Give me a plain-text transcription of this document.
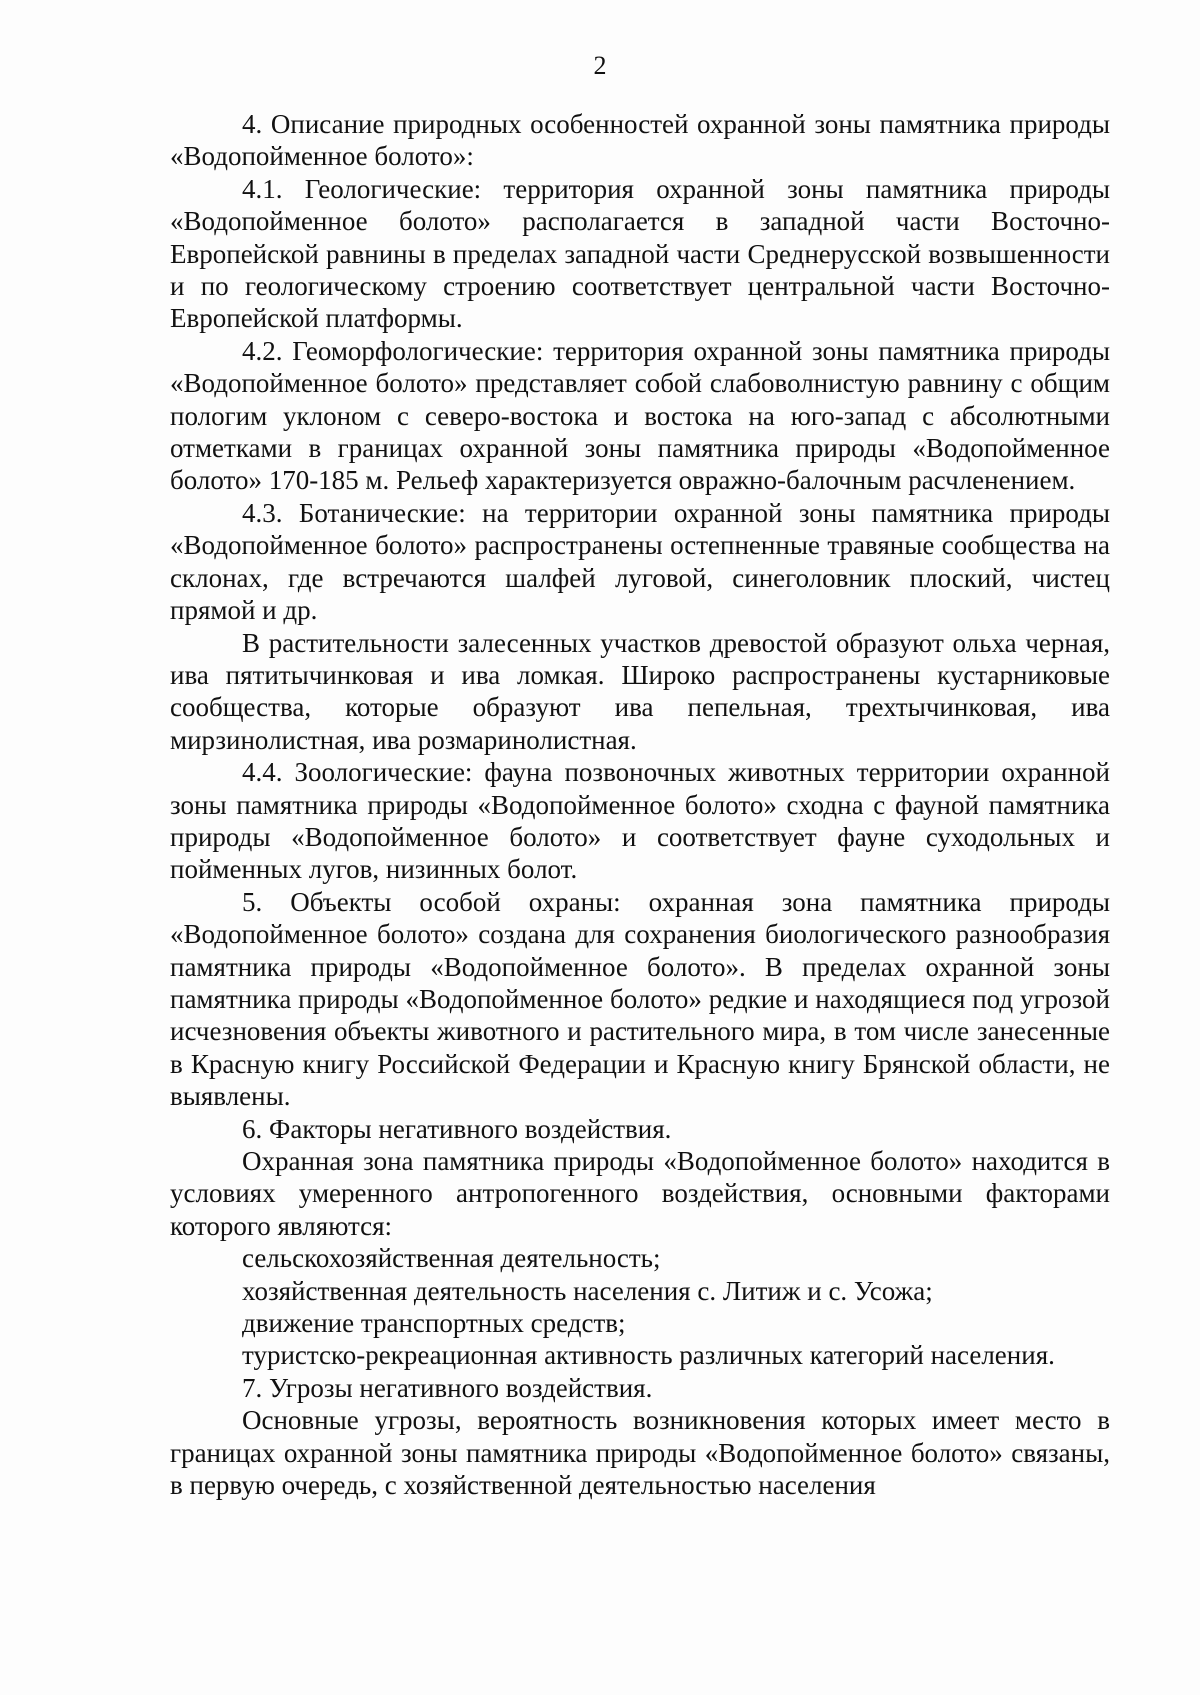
2

4. Описание природных особенностей охранной зоны памятника природы «Водопойменное болото»:

4.1. Геологические: территория охранной зоны памятника природы «Водопойменное болото» располагается в западной части Восточно-Европейской равнины в пределах западной части Среднерусской возвышенности и по геологическому строению соответствует центральной части Восточно-Европейской платформы.

4.2. Геоморфологические: территория охранной зоны памятника природы «Водопойменное болото» представляет собой слабоволнистую равнину с общим пологим уклоном с северо-востока и востока на юго-запад с абсолютными отметками в границах охранной зоны памятника природы «Водопойменное болото» 170-185 м. Рельеф характеризуется овражно-балочным расчленением.

4.3. Ботанические: на территории охранной зоны памятника природы «Водопойменное болото» распространены остепненные травяные сообщества на склонах, где встречаются шалфей луговой, синеголовник плоский, чистец прямой и др.

В растительности залесенных участков древостой образуют ольха черная, ива пятитычинковая и ива ломкая. Широко распространены кустарниковые сообщества, которые образуют ива пепельная, трехтычинковая, ива мирзинолистная, ива розмаринолистная.

4.4. Зоологические: фауна позвоночных животных территории охранной зоны памятника природы «Водопойменное болото» сходна с фауной памятника природы «Водопойменное болото» и соответствует фауне суходольных и пойменных лугов, низинных болот.

5. Объекты особой охраны: охранная зона памятника природы «Водопойменное болото» создана для сохранения биологического разнообразия памятника природы «Водопойменное болото». В пределах охранной зоны памятника природы «Водопойменное болото» редкие и находящиеся под угрозой исчезновения объекты животного и растительного мира, в том числе занесенные в Красную книгу Российской Федерации и Красную книгу Брянской области, не выявлены.

6. Факторы негативного воздействия.

Охранная зона памятника природы «Водопойменное болото» находится в условиях умеренного антропогенного воздействия, основными факторами которого являются:

сельскохозяйственная деятельность;

хозяйственная деятельность населения с. Литиж и с. Усожа;

движение транспортных средств;

туристско-рекреационная активность различных категорий населения.

7. Угрозы негативного воздействия.

Основные угрозы, вероятность возникновения которых имеет место в границах охранной зоны памятника природы «Водопойменное болото» связаны, в первую очередь, с хозяйственной деятельностью населения
